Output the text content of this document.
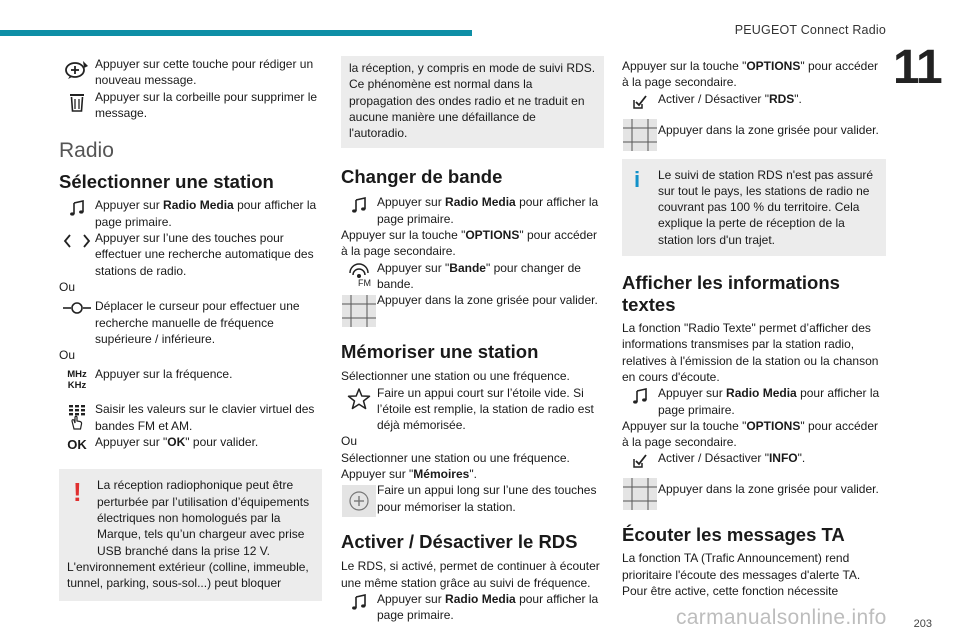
PEUGEOT Connect Radio
11
Appuyer sur cette touche pour rédiger un nouveau message.
Appuyer sur la corbeille pour supprimer le message.
Radio
Sélectionner une station
Appuyer sur Radio Media pour afficher la page primaire.
Appuyer sur l’une des touches pour effectuer une recherche automatique des stations de radio.
Ou
Déplacer le curseur pour effectuer une recherche manuelle de fréquence supérieure / inférieure.
Ou
MHz
KHz
Appuyer sur la fréquence.
Saisir les valeurs sur le clavier virtuel des bandes FM et AM.
OK Appuyer sur "OK" pour valider.
!	La réception radiophonique peut être perturbée par l’utilisation d’équipements électriques non homologués par la Marque, tels qu’un chargeur avec prise USB branché dans la prise 12 V.
L'environnement extérieur (colline, immeuble, tunnel, parking, sous-sol...) peut bloquer
la réception, y compris en mode de suivi RDS. Ce phénomène est normal dans la propagation des ondes radio et ne traduit en aucune manière une défaillance de l'autoradio.
Changer de bande
Appuyer sur Radio Media pour afficher la page primaire.
Appuyer sur la touche "OPTIONS" pour accéder à la page secondaire.
FM
Appuyer sur "Bande" pour changer de bande.
Appuyer dans la zone grisée pour valider.
Mémoriser une station
Sélectionner une station ou une fréquence.
Faire un appui court sur l’étoile vide. Si l’étoile est remplie, la station de radio est déjà mémorisée.
Ou
Sélectionner une station ou une fréquence.
Appuyer sur "Mémoires".
Faire un appui long sur l’une des touches pour mémoriser la station.
Activer / Désactiver le RDS
Le RDS, si activé, permet de continuer à écouter une même station grâce au suivi de fréquence.
Appuyer sur Radio Media pour afficher la page primaire.
Appuyer sur la touche "OPTIONS" pour accéder à la page secondaire.
Activer / Désactiver "RDS".
Appuyer dans la zone grisée pour valider.
i	Le suivi de station RDS n'est pas assuré sur tout le pays, les stations de radio ne couvrant pas 100 % du territoire. Cela explique la perte de réception de la station lors d'un trajet.
Afficher les informations textes
La fonction "Radio Texte" permet d’afficher des informations transmises par la station radio, relatives à l'émission de la station ou la chanson en cours d'écoute.
Appuyer sur Radio Media pour afficher la page primaire.
Appuyer sur la touche "OPTIONS" pour accéder à la page secondaire.
Activer / Désactiver "INFO".
Appuyer dans la zone grisée pour valider.
Écouter les messages TA
La fonction TA (Trafic Announcement) rend prioritaire l'écoute des messages d'alerte TA. Pour être active, cette fonction nécessite
carmanualsonline.info 203
